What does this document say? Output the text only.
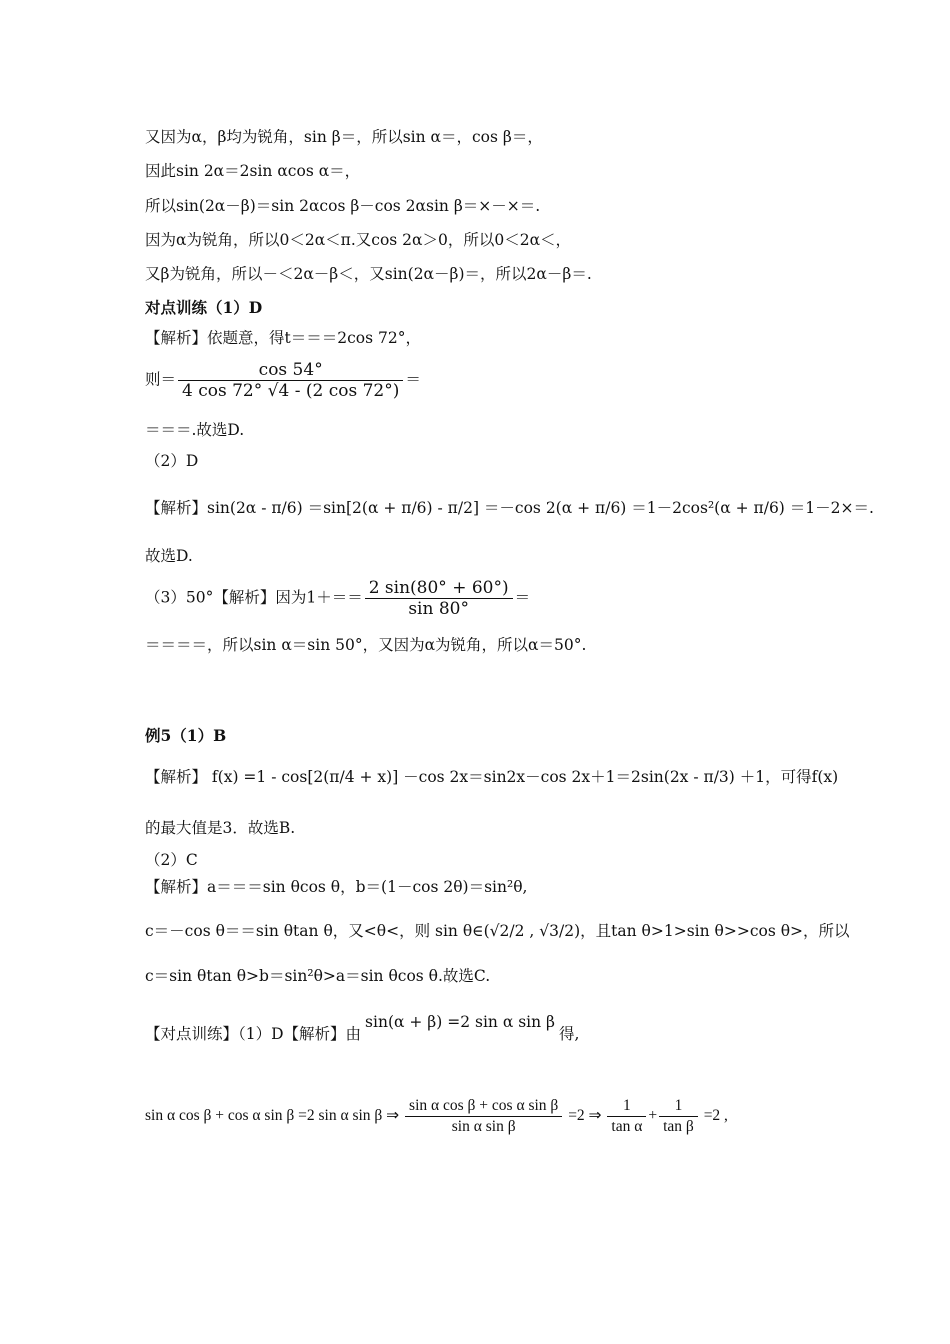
又因为α，β均为锐角，sin β＝，所以sin α＝，cos β＝，
因此sin 2α＝2sin αcos α＝，
所以sin(2α－β)＝sin 2αcos β－cos 2αsin β＝×－×＝.
因为α为锐角，所以0＜2α＜π.又cos 2α＞0，所以0＜2α＜，
又β为锐角，所以－＜2α－β＜，又sin(2α－β)＝，所以2α－β＝.
对点训练（1）D
【解析】依题意，得t＝＝＝2cos 72°，
则＝ $\frac{\cos 54^\circ}{4 \cos 72^\circ √4 - (2 \cos 72^\circ)}$ ＝
＝＝＝.故选D.
（2）D
【解析】sin(2α - π/6) ＝sin[2(α + π/6) - π/2] ＝－cos 2(α + π/6) ＝1－2cos²(α + π/6) ＝1－2×＝.
故选D.
（3）50°【解析】因为$1+== \frac{2 \sin(80^\circ + 60^\circ)}{\sin 80^\circ}$ ＝
＝＝＝＝，所以sin α＝sin 50°，又因为α为锐角，所以α＝50°.
例5（1）B
【解析】 f(x) =1 - cos[2(π/4 + x)] －cos 2x＝sin2x－cos 2x＋1＝2sin(2x - π/3) ＋1，可得f(x)
的最大值是3．故选B.
（2）C
【解析】a＝＝＝sin θcos θ，b＝(1－cos 2θ)＝sin²θ,
c＝－cos θ＝＝sin θtan θ，又<θ<，则 sin θ∈(√2/2 , √3/2)，且tan θ>1>sin θ>>cos θ>，所以
c＝sin θtan θ>b＝sin²θ>a＝sin θcos θ.故选C.
【对点训练】（1）D【解析】由sin(α + β) =2 sin α sin β得,
sin α cos β + cos α sin β =2 sin α sin β ⇒ $\frac{\text{sin α cos β + cos α sin β}}{\text{sin α sin β}} =2$ ⇒ $\frac{1}{\text{tan α}} + \frac{1}{\text{tan β}} =2$ ,
